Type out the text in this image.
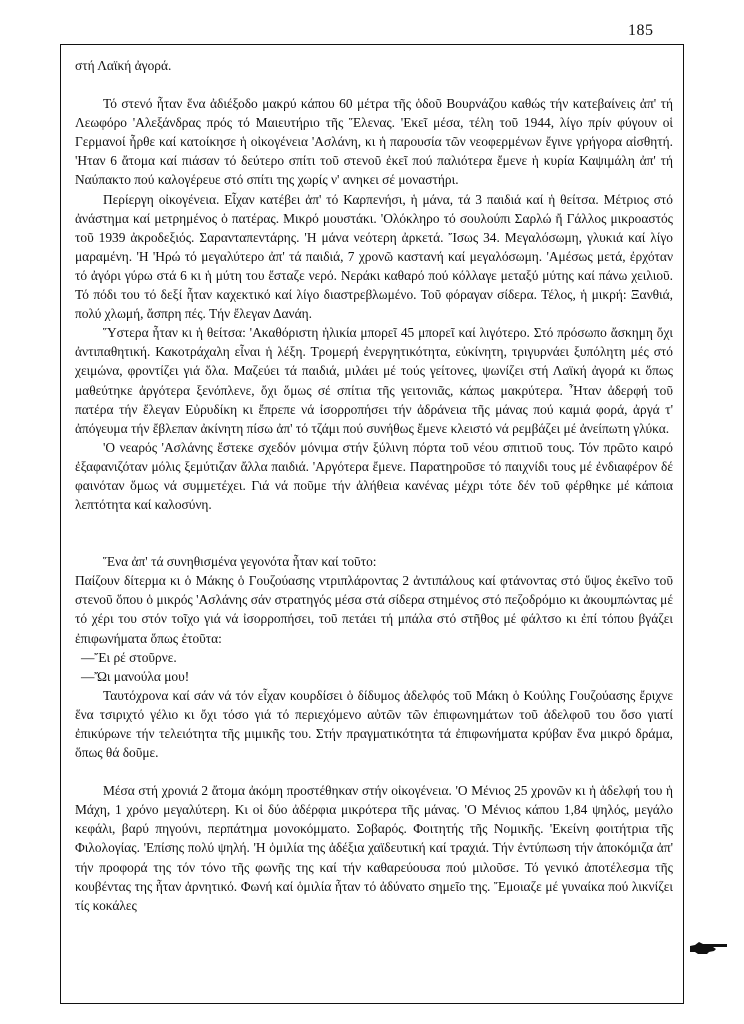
185

στή Λαϊκή ἀγορά.

Τό στενό ἦταν ἕνα ἀδιέξοδο μακρύ κάπου 60 μέτρα τῆς ὁδοῦ Βουρνάζου καθώς τήν κατεβαίνεις ἀπ' τή Λεωφόρο 'Αλεξάνδρας πρός τό Μαιευτήριο τῆς Ἕλενας. 'Εκεῖ μέσα, τέλη τοῦ 1944, λίγο πρίν φύγουν οἱ Γερμανοί ἦρθε καί κατοίκησε ἡ οἰκογένεια 'Ασλάνη, κι ἡ παρουσία τῶν νεοφερμένων ἔγινε γρήγορα αἰσθητή. 'Ηταν 6 ἄτομα καί πιάσαν τό δεύτερο σπίτι τοῦ στενοῦ ἐκεῖ πού παλιότερα ἔμενε ἡ κυρία Καψιμάλη ἀπ' τή Ναύπακτο πού καλογέρευε στό σπίτι της χωρίς ν' ανηκει σέ μοναστήρι.

Περίεργη οἰκογένεια. Εἶχαν κατέβει ἀπ' τό Καρπενήσι, ἡ μάνα, τά 3 παιδιά καί ἡ θείτσα. Μέτριος στό ἀνάστημα καί μετρημένος ὁ πατέρας. Μικρό μουστάκι. 'Ολόκληρο τό σουλούπι Σαρλώ ἤ Γάλλος μικροαστός τοῦ 1939 ἀκροδεξιός. Σαρανταπεντάρης. 'Η μάνα νεότερη ἀρκετά. Ἴσως 34. Μεγαλόσωμη, γλυκιά καί λίγο μαραμένη. 'Η 'Ηρώ τό μεγαλύτερο ἀπ' τά παιδιά, 7 χρονῶ καστανή καί μεγαλόσωμη. 'Αμέσως μετά, ἐρχόταν τό ἀγόρι γύρω στά 6 κι ἡ μύτη του ἔσταζε νερό. Νεράκι καθαρό πού κόλλαγε μεταξύ μύτης καί πάνω χειλιοῦ. Τό πόδι του τό δεξί ἦταν καχεκτικό καί λίγο διαστρεβλωμένο. Τοῦ φόραγαν σίδερα. Τέλος, ἡ μικρή: Ξανθιά, πολύ χλωμή, ἄσπρη πές. Τήν ἔλεγαν Δανάη.

Ὕστερα ἦταν κι ἡ θείτσα: 'Ακαθόριστη ἡλικία μπορεῖ 45 μπορεῖ καί λιγότερο. Στό πρόσωπο ἄσκημη ὄχι ἀντιπαθητική. Κακοτράχαλη εἶναι ἡ λέξη. Τρομερή ἐνεργητικότητα, εὐκίνητη, τριγυρνάει ξυπόλητη μές στό χειμώνα, φροντίζει γιά ὅλα. Μαζεύει τά παιδιά, μιλάει μέ τούς γείτονες, ψωνίζει στή Λαϊκή ἀγορά κι ὅπως μαθεύτηκε ἀργότερα ξενόπλενε, ὄχι ὅμως σέ σπίτια τῆς γειτονιᾶς, κάπως μακρύτερα. Ἦταν ἀδερφή τοῦ πατέρα τήν ἔλεγαν Εὐρυδίκη κι ἔπρεπε νά ἰσορροπήσει τήν ἀδράνεια τῆς μάνας πού καμιά φορά, ἀργά τ' ἀπόγευμα τήν ἔβλεπαν ἀκίνητη πίσω ἀπ' τό τζάμι πού συνήθως ἔμενε κλειστό νά ρεμβάζει μέ ἀνείπωτη γλύκα.

'Ο νεαρός 'Ασλάνης ἔστεκε σχεδόν μόνιμα στήν ξύλινη πόρτα τοῦ νέου σπιτιοῦ τους. Τόν πρῶτο καιρό ἐξαφανιζόταν μόλις ξεμύτιζαν ἄλλα παιδιά. 'Αργότερα ἔμενε. Παρατηροῦσε τό παιχνίδι τους μέ ἐνδιαφέρον δέ φαινόταν ὅμως νά συμμετέχει. Γιά νά ποῦμε τήν ἀλήθεια κανένας μέχρι τότε δέν τοῦ φέρθηκε μέ κάποια λεπτότητα καί καλοσύνη.

Ἕνα ἀπ' τά συνηθισμένα γεγονότα ἦταν καί τοῦτο:

Παίζουν δίτερμα κι ὁ Μάκης ὁ Γουζούασης ντριπλάροντας 2 ἀντιπάλους καί φτάνοντας στό ὕψος ἐκεῖνο τοῦ στενοῦ ὅπου ὁ μικρός 'Ασλάνης σάν στρατηγός μέσα στά σίδερα στημένος στό πεζοδρόμιο κι ἀκουμπώντας μέ τό χέρι του στόν τοῖχο γιά νά ἰσορροπήσει, τοῦ πετάει τή μπάλα στό στῆθος μέ φάλτσο κι ἐπί τόπου βγάζει ἐπιφωνήματα ὅπως ἐτοῦτα:

—Ἔι ρέ στοῦρνε.

—Ὤι μανούλα μου!

Ταυτόχρονα καί σάν νά τόν εἶχαν κουρδίσει ὁ δίδυμος ἀδελφός τοῦ Μάκη ὁ Κούλης Γουζούασης ἔριχνε ἕνα τσιριχτό γέλιο κι ὄχι τόσο γιά τό περιεχόμενο αὐτῶν τῶν ἐπιφωνημάτων τοῦ ἀδελφοῦ του ὅσο γιατί ἐπικύρωνε τήν τελειότητα τῆς μιμικῆς του. Στήν πραγματικότητα τά ἐπιφωνήματα κρύβαν ἕνα μικρό δράμα, ὅπως θά δοῦμε.

Μέσα στή χρονιά 2 ἄτομα ἀκόμη προστέθηκαν στήν οἰκογένεια. 'Ο Μένιος 25 χρονῶν κι ἡ ἀδελφή του ἡ Μάχη, 1 χρόνο μεγαλύτερη. Κι οἱ δύο ἀδέρφια μικρότερα τῆς μάνας. 'Ο Μένιος κάπου 1,84 ψηλός, μεγάλο κεφάλι, βαρύ πηγούνι, περπάτημα μονοκόμματο. Σοβαρός. Φοιτητής τῆς Νομικῆς. 'Εκείνη φοιτήτρια τῆς Φιλολογίας. 'Επίσης πολύ ψηλή. 'Η ὁμιλία της ἀδέξια χαϊδευτική καί τραχιά. Τήν ἐντύπωση τήν ἀποκόμιζα ἀπ' τήν προφορά της τόν τόνο τῆς φωνῆς της καί τήν καθαρεύουσα πού μιλοῦσε. Τό γενικό ἀποτέλεσμα τῆς κουβέντας της ἦταν ἀρνητικό. Φωνή καί ὁμιλία ἦταν τό ἀδύνατο σημεῖο της. Ἔμοιαζε μέ γυναίκα πού λικνίζει τίς κοκάλες
